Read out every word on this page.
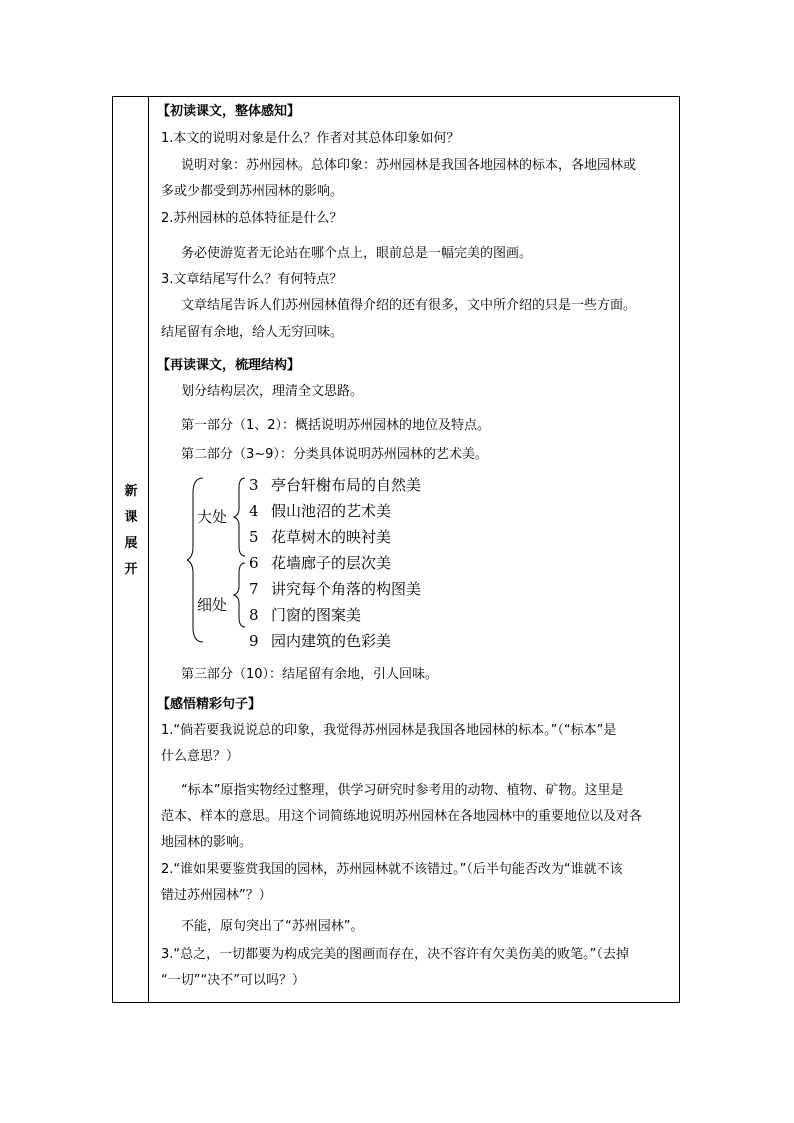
新
课
展
开
【初读课文，整体感知】
1.本文的说明对象是什么？作者对其总体印象如何？
说明对象：苏州园林。总体印象：苏州园林是我国各地园林的标本，各地园林或
多或少都受到苏州园林的影响。
2.苏州园林的总体特征是什么？
务必使游览者无论站在哪个点上，眼前总是一幅完美的图画。
3.文章结尾写什么？有何特点？
文章结尾告诉人们苏州园林值得介绍的还有很多，文中所介绍的只是一些方面。
结尾留有余地，给人无穷回味。
【再读课文，梳理结构】
划分结构层次，理清全文思路。
第一部分（1、2）：概括说明苏州园林的地位及特点。
第二部分（3~9）：分类具体说明苏州园林的艺术美。
大处
细处
3 亭台轩榭布局的自然美
4 假山池沼的艺术美
5 花草树木的映衬美
6 花墙廊子的层次美
7 讲究每个角落的构图美
8 门窗的图案美
9 园内建筑的色彩美
第三部分（10）：结尾留有余地，引人回味。
【感悟精彩句子】
1.“倘若要我说说总的印象，我觉得苏州园林是我国各地园林的标本。”（“标本”是
什么意思？）
“标本”原指实物经过整理，供学习研究时参考用的动物、植物、矿物。这里是
范本、样本的意思。用这个词简练地说明苏州园林在各地园林中的重要地位以及对各
地园林的影响。
2.“谁如果要鉴赏我国的园林，苏州园林就不该错过。”（后半句能否改为“谁就不该
错过苏州园林”？）
不能，原句突出了“苏州园林”。
3.“总之，一切都要为构成完美的图画而存在，决不容许有欠美伤美的败笔。”（去掉
“一切”“决不”可以吗？）
